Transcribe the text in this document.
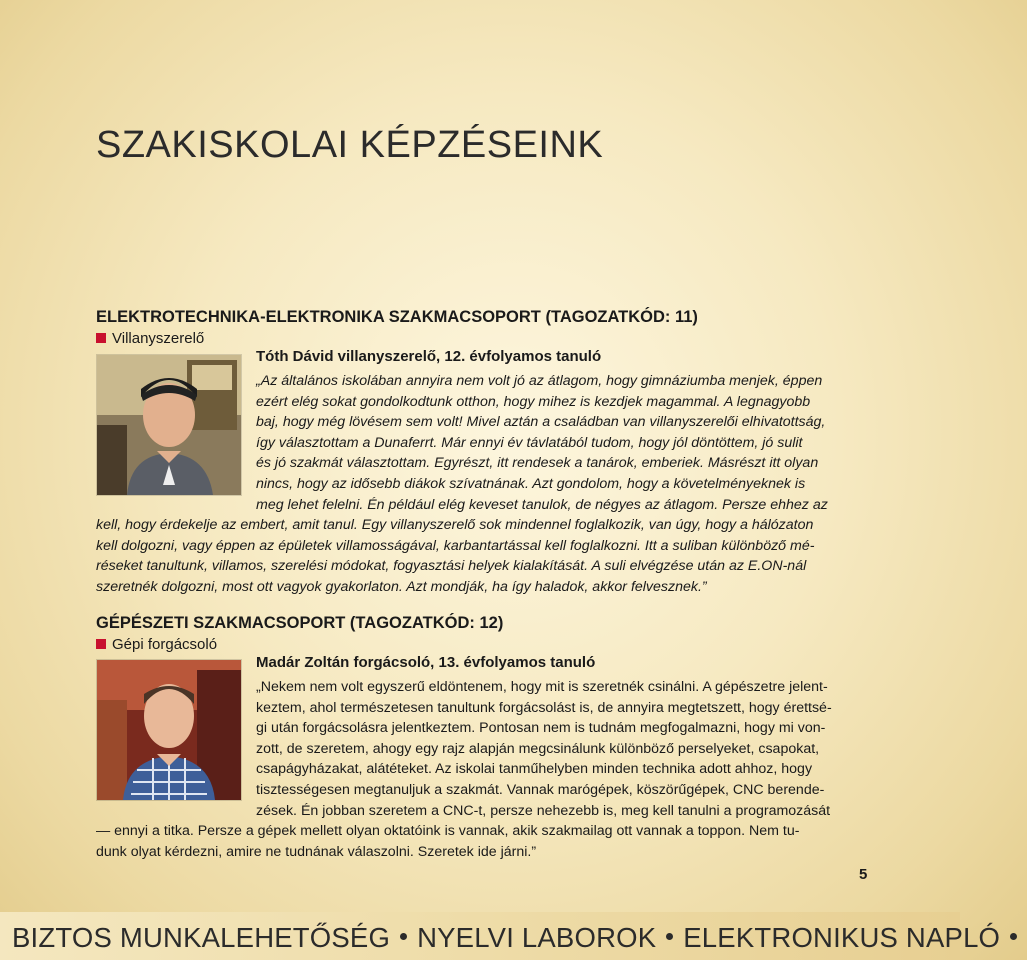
SZAKISKOLAI KÉPZÉSEINK
ELEKTROTECHNIKA-ELEKTRONIKA SZAKMACSOPORT (TAGOZATKÓD: 11)
Villanyszerelő
Tóth Dávid villanyszerelő, 12. évfolyamos tanuló
„Az általános iskolában annyira nem volt jó az átlagom, hogy gimnáziumba menjek, éppen
ezért elég sokat gondolkodtunk otthon, hogy mihez is kezdjek magammal. A legnagyobb
baj, hogy még lövésem sem volt! Mivel aztán a családban van villanyszerelői elhivatottság,
így választottam a Dunaferrt. Már ennyi év távlatából tudom, hogy jól döntöttem, jó sulit
és jó szakmát választottam. Egyrészt, itt rendesek a tanárok, emberiek. Másrészt itt olyan
nincs, hogy az idősebb diákok szívatnának. Azt gondolom, hogy a követelményeknek is
meg lehet felelni. Én például elég keveset tanulok, de négyes az átlagom. Persze ehhez az
kell, hogy érdekelje az embert, amit tanul. Egy villanyszerelő sok mindennel foglalkozik, van úgy, hogy a hálózaton
kell dolgozni, vagy éppen az épületek villamosságával, karbantartással kell foglalkozni. Itt a suliban különböző mé-
réseket tanultunk, villamos, szerelési módokat, fogyasztási helyek kialakítását. A suli elvégzése után az E.ON-nál
szeretnék dolgozni, most ott vagyok gyakorlaton. Azt mondják, ha így haladok, akkor felvesznek.”
GÉPÉSZETI SZAKMACSOPORT (TAGOZATKÓD: 12)
Gépi forgácsoló
Madár Zoltán forgácsoló, 13. évfolyamos tanuló
„Nekem nem volt egyszerű eldöntenem, hogy mit is szeretnék csinálni. A gépészetre jelent-
keztem, ahol természetesen tanultunk forgácsolást is, de annyira megtetszett, hogy érettsé-
gi után forgácsolásra jelentkeztem. Pontosan nem is tudnám megfogalmazni, hogy mi von-
zott, de szeretem, ahogy egy rajz alapján megcsinálunk különböző perselyeket, csapokat,
csapágyházakat, alátéteket. Az iskolai tanműhelyben minden technika adott ahhoz, hogy
tisztességesen megtanuljuk a szakmát. Vannak marógépek, köszörűgépek, CNC berende-
zések. Én jobban szeretem a CNC-t, persze nehezebb is, meg kell tanulni a programozását
— ennyi a titka. Persze a gépek mellett olyan oktatóink is vannak, akik szakmailag ott vannak a toppon. Nem tu-
dunk olyat kérdezni, amire ne tudnának válaszolni. Szeretek ide járni.”
5
BIZTOS MUNKALEHETŐSÉG NYELVI LABOROK ELEKTRONIKUS NAPLÓ
